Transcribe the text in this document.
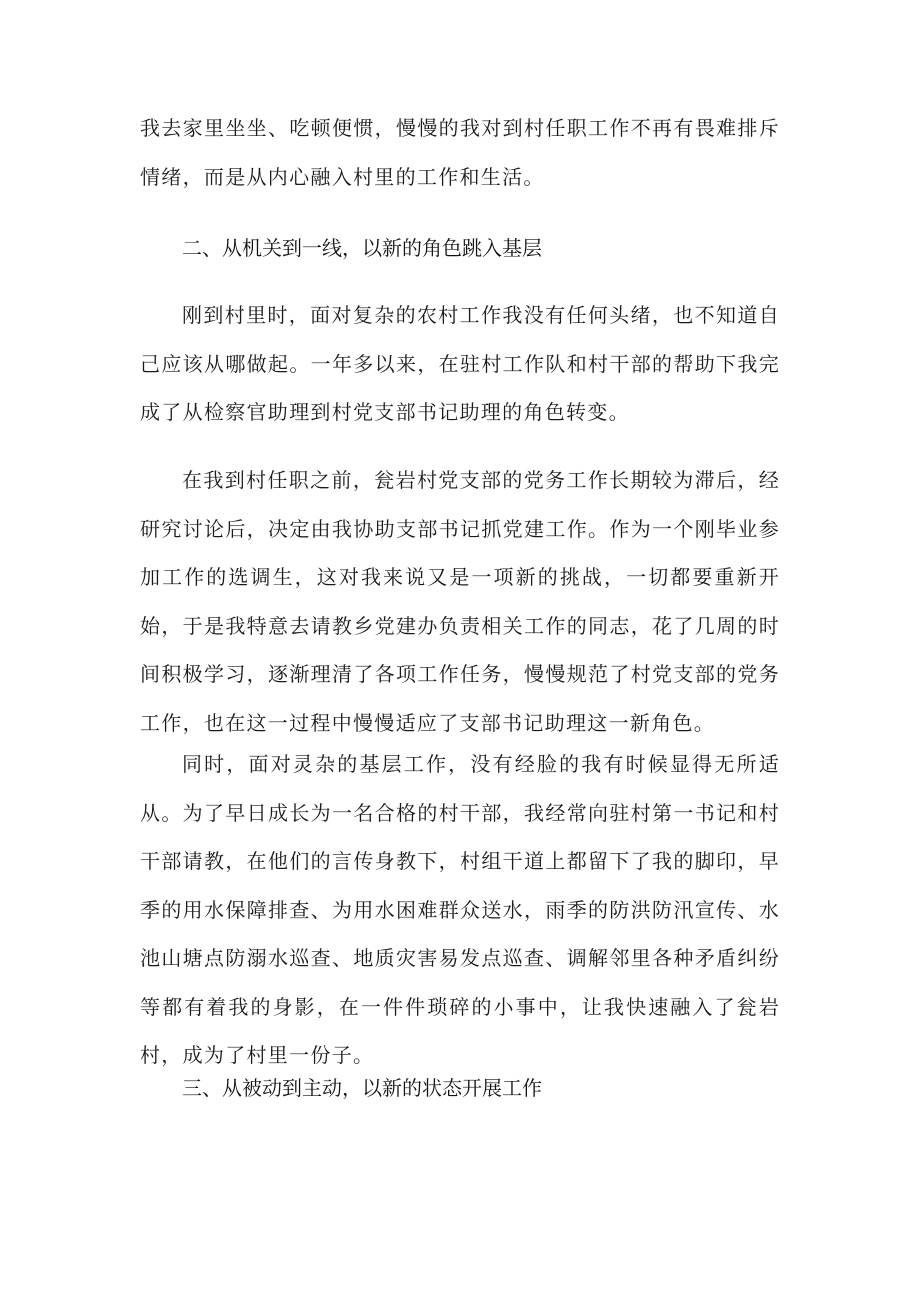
我去家里坐坐、吃顿便惯，慢慢的我对到村任职工作不再有畏难排斥情绪，而是从内心融入村里的工作和生活。

二、从机关到一线，以新的角色跳入基层

刚到村里时，面对复杂的农村工作我没有任何头绪，也不知道自己应该从哪做起。一年多以来，在驻村工作队和村干部的帮助下我完成了从检察官助理到村党支部书记助理的角色转变。

在我到村任职之前，瓮岩村党支部的党务工作长期较为滞后，经研究讨论后，决定由我协助支部书记抓党建工作。作为一个刚毕业参加工作的选调生，这对我来说又是一项新的挑战，一切都要重新开始，于是我特意去请教乡党建办负责相关工作的同志，花了几周的时间积极学习，逐渐理清了各项工作任务，慢慢规范了村党支部的党务工作，也在这一过程中慢慢适应了支部书记助理这一新角色。

同时，面对灵杂的基层工作，没有经脸的我有时候显得无所适从。为了早日成长为一名合格的村干部，我经常向驻村第一书记和村干部请教，在他们的言传身教下，村组干道上都留下了我的脚印，早季的用水保障排查、为用水困难群众送水，雨季的防洪防汛宣传、水池山塘点防溺水巡查、地质灾害易发点巡查、调解邻里各种矛盾纠纷等都有着我的身影，在一件件琐碎的小事中，让我快速融入了瓮岩村，成为了村里一份子。

三、从被动到主动，以新的状态开展工作
